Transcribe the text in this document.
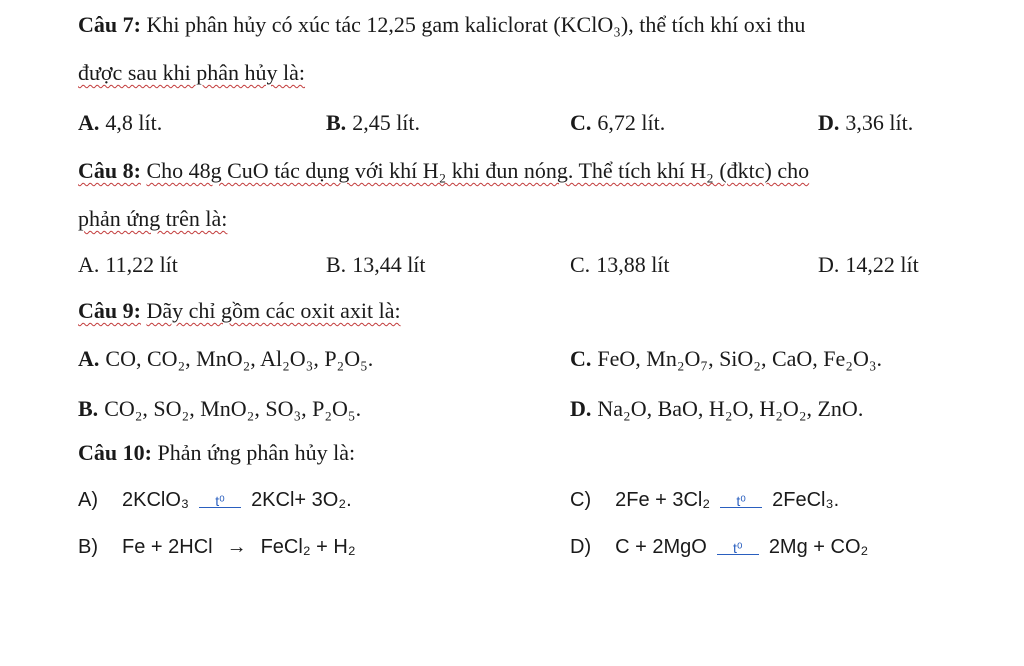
Câu 7: Khi phân hủy có xúc tác 12,25 gam kaliclorat (KClO₃), thể tích khí oxi thu
được sau khi phân hủy là:
A. 4,8 lít.	B. 2,45 lít.	C. 6,72 lít.	D. 3,36 lít.
Câu 8: Cho 48g CuO tác dụng với khí H₂ khi đun nóng. Thể tích khí H₂ (đktc) cho
phản ứng trên là:
A. 11,22 lít	B. 13,44 lít	C. 13,88 lít	D. 14,22 lít
Câu 9: Dãy chỉ gồm các oxit axit là:
A. CO, CO₂, MnO₂, Al₂O₃, P₂O₅.	C. FeO, Mn₂O₇, SiO₂, CaO, Fe₂O₃.
B. CO₂, SO₂, MnO₂, SO₃, P₂O₅.	D. Na₂O, BaO, H₂O, H₂O₂, ZnO.
Câu 10: Phản ứng phân hủy là:
A) 2KClO₃ t⁰ 2KCl+ 3O₂.	C) 2Fe + 3Cl₂ t⁰ 2FeCl₃.
B) Fe + 2HCl → FeCl₂ + H₂	D) C + 2MgO t⁰ 2Mg + CO₂
